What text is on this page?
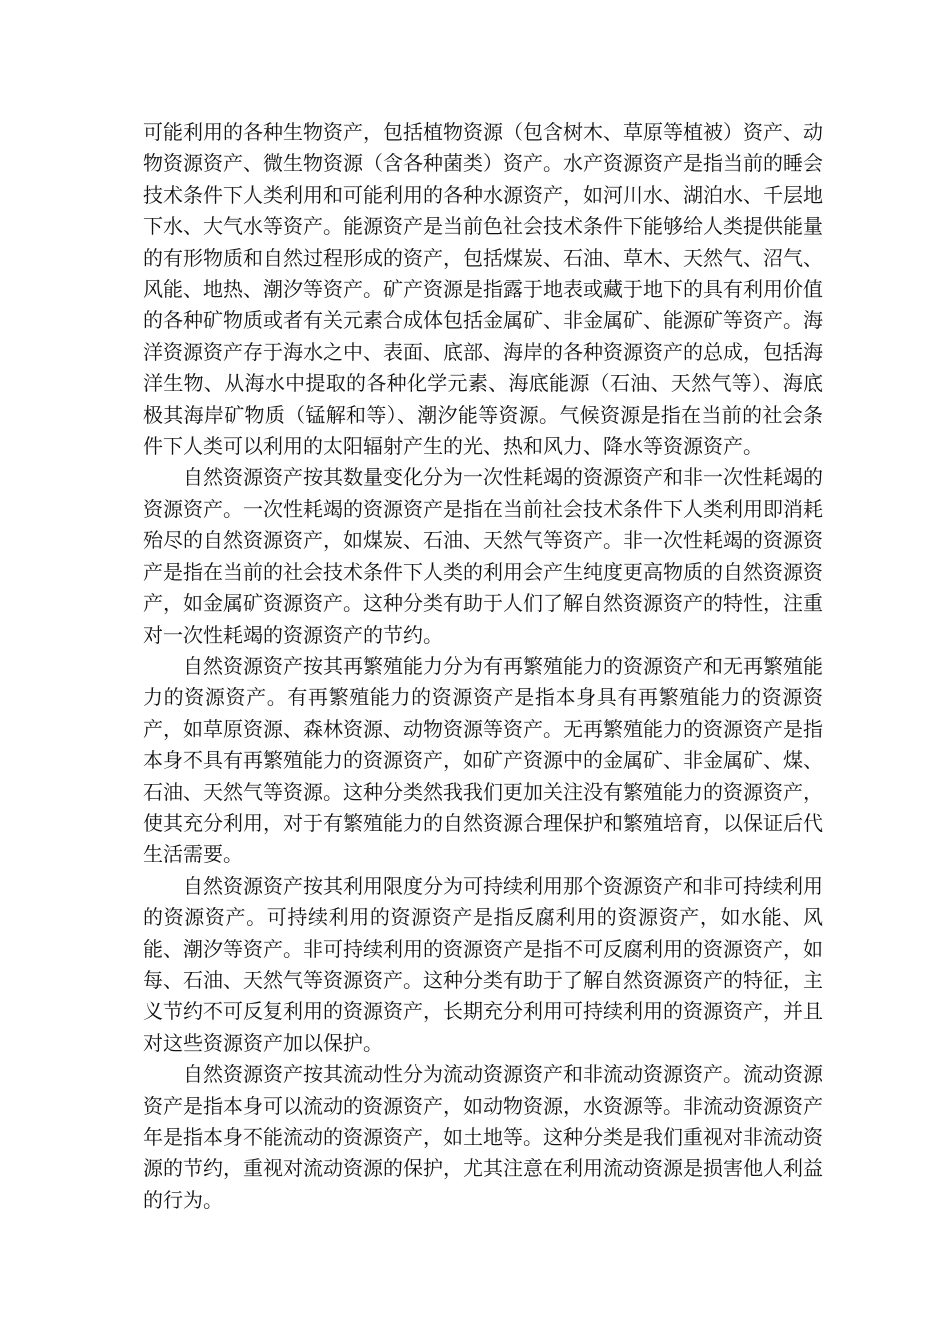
可能利用的各种生物资产，包括植物资源（包含树木、草原等植被）资产、动物资源资产、微生物资源（含各种菌类）资产。水产资源资产是指当前的睡会技术条件下人类利用和可能利用的各种水源资产，如河川水、湖泊水、千层地下水、大气水等资产。能源资产是当前色社会技术条件下能够给人类提供能量的有形物质和自然过程形成的资产，包括煤炭、石油、草木、天然气、沼气、风能、地热、潮汐等资产。矿产资源是指露于地表或藏于地下的具有利用价值的各种矿物质或者有关元素合成体包括金属矿、非金属矿、能源矿等资产。海洋资源资产存于海水之中、表面、底部、海岸的各种资源资产的总成，包括海洋生物、从海水中提取的各种化学元素、海底能源（石油、天然气等）、海底极其海岸矿物质（锰解和等）、潮汐能等资源。气候资源是指在当前的社会条件下人类可以利用的太阳辐射产生的光、热和风力、降水等资源资产。

自然资源资产按其数量变化分为一次性耗竭的资源资产和非一次性耗竭的资源资产。一次性耗竭的资源资产是指在当前社会技术条件下人类利用即消耗殆尽的自然资源资产，如煤炭、石油、天然气等资产。非一次性耗竭的资源资产是指在当前的社会技术条件下人类的利用会产生纯度更高物质的自然资源资产，如金属矿资源资产。这种分类有助于人们了解自然资源资产的特性，注重对一次性耗竭的资源资产的节约。

自然资源资产按其再繁殖能力分为有再繁殖能力的资源资产和无再繁殖能力的资源资产。有再繁殖能力的资源资产是指本身具有再繁殖能力的资源资产，如草原资源、森林资源、动物资源等资产。无再繁殖能力的资源资产是指本身不具有再繁殖能力的资源资产，如矿产资源中的金属矿、非金属矿、煤、石油、天然气等资源。这种分类然我我们更加关注没有繁殖能力的资源资产，使其充分利用，对于有繁殖能力的自然资源合理保护和繁殖培育，以保证后代生活需要。

自然资源资产按其利用限度分为可持续利用那个资源资产和非可持续利用的资源资产。可持续利用的资源资产是指反腐利用的资源资产，如水能、风能、潮汐等资产。非可持续利用的资源资产是指不可反腐利用的资源资产，如每、石油、天然气等资源资产。这种分类有助于了解自然资源资产的特征，主义节约不可反复利用的资源资产，长期充分利用可持续利用的资源资产，并且对这些资源资产加以保护。

自然资源资产按其流动性分为流动资源资产和非流动资源资产。流动资源资产是指本身可以流动的资源资产，如动物资源，水资源等。非流动资源资产年是指本身不能流动的资源资产，如土地等。这种分类是我们重视对非流动资源的节约，重视对流动资源的保护，尤其注意在利用流动资源是损害他人利益的行为。
